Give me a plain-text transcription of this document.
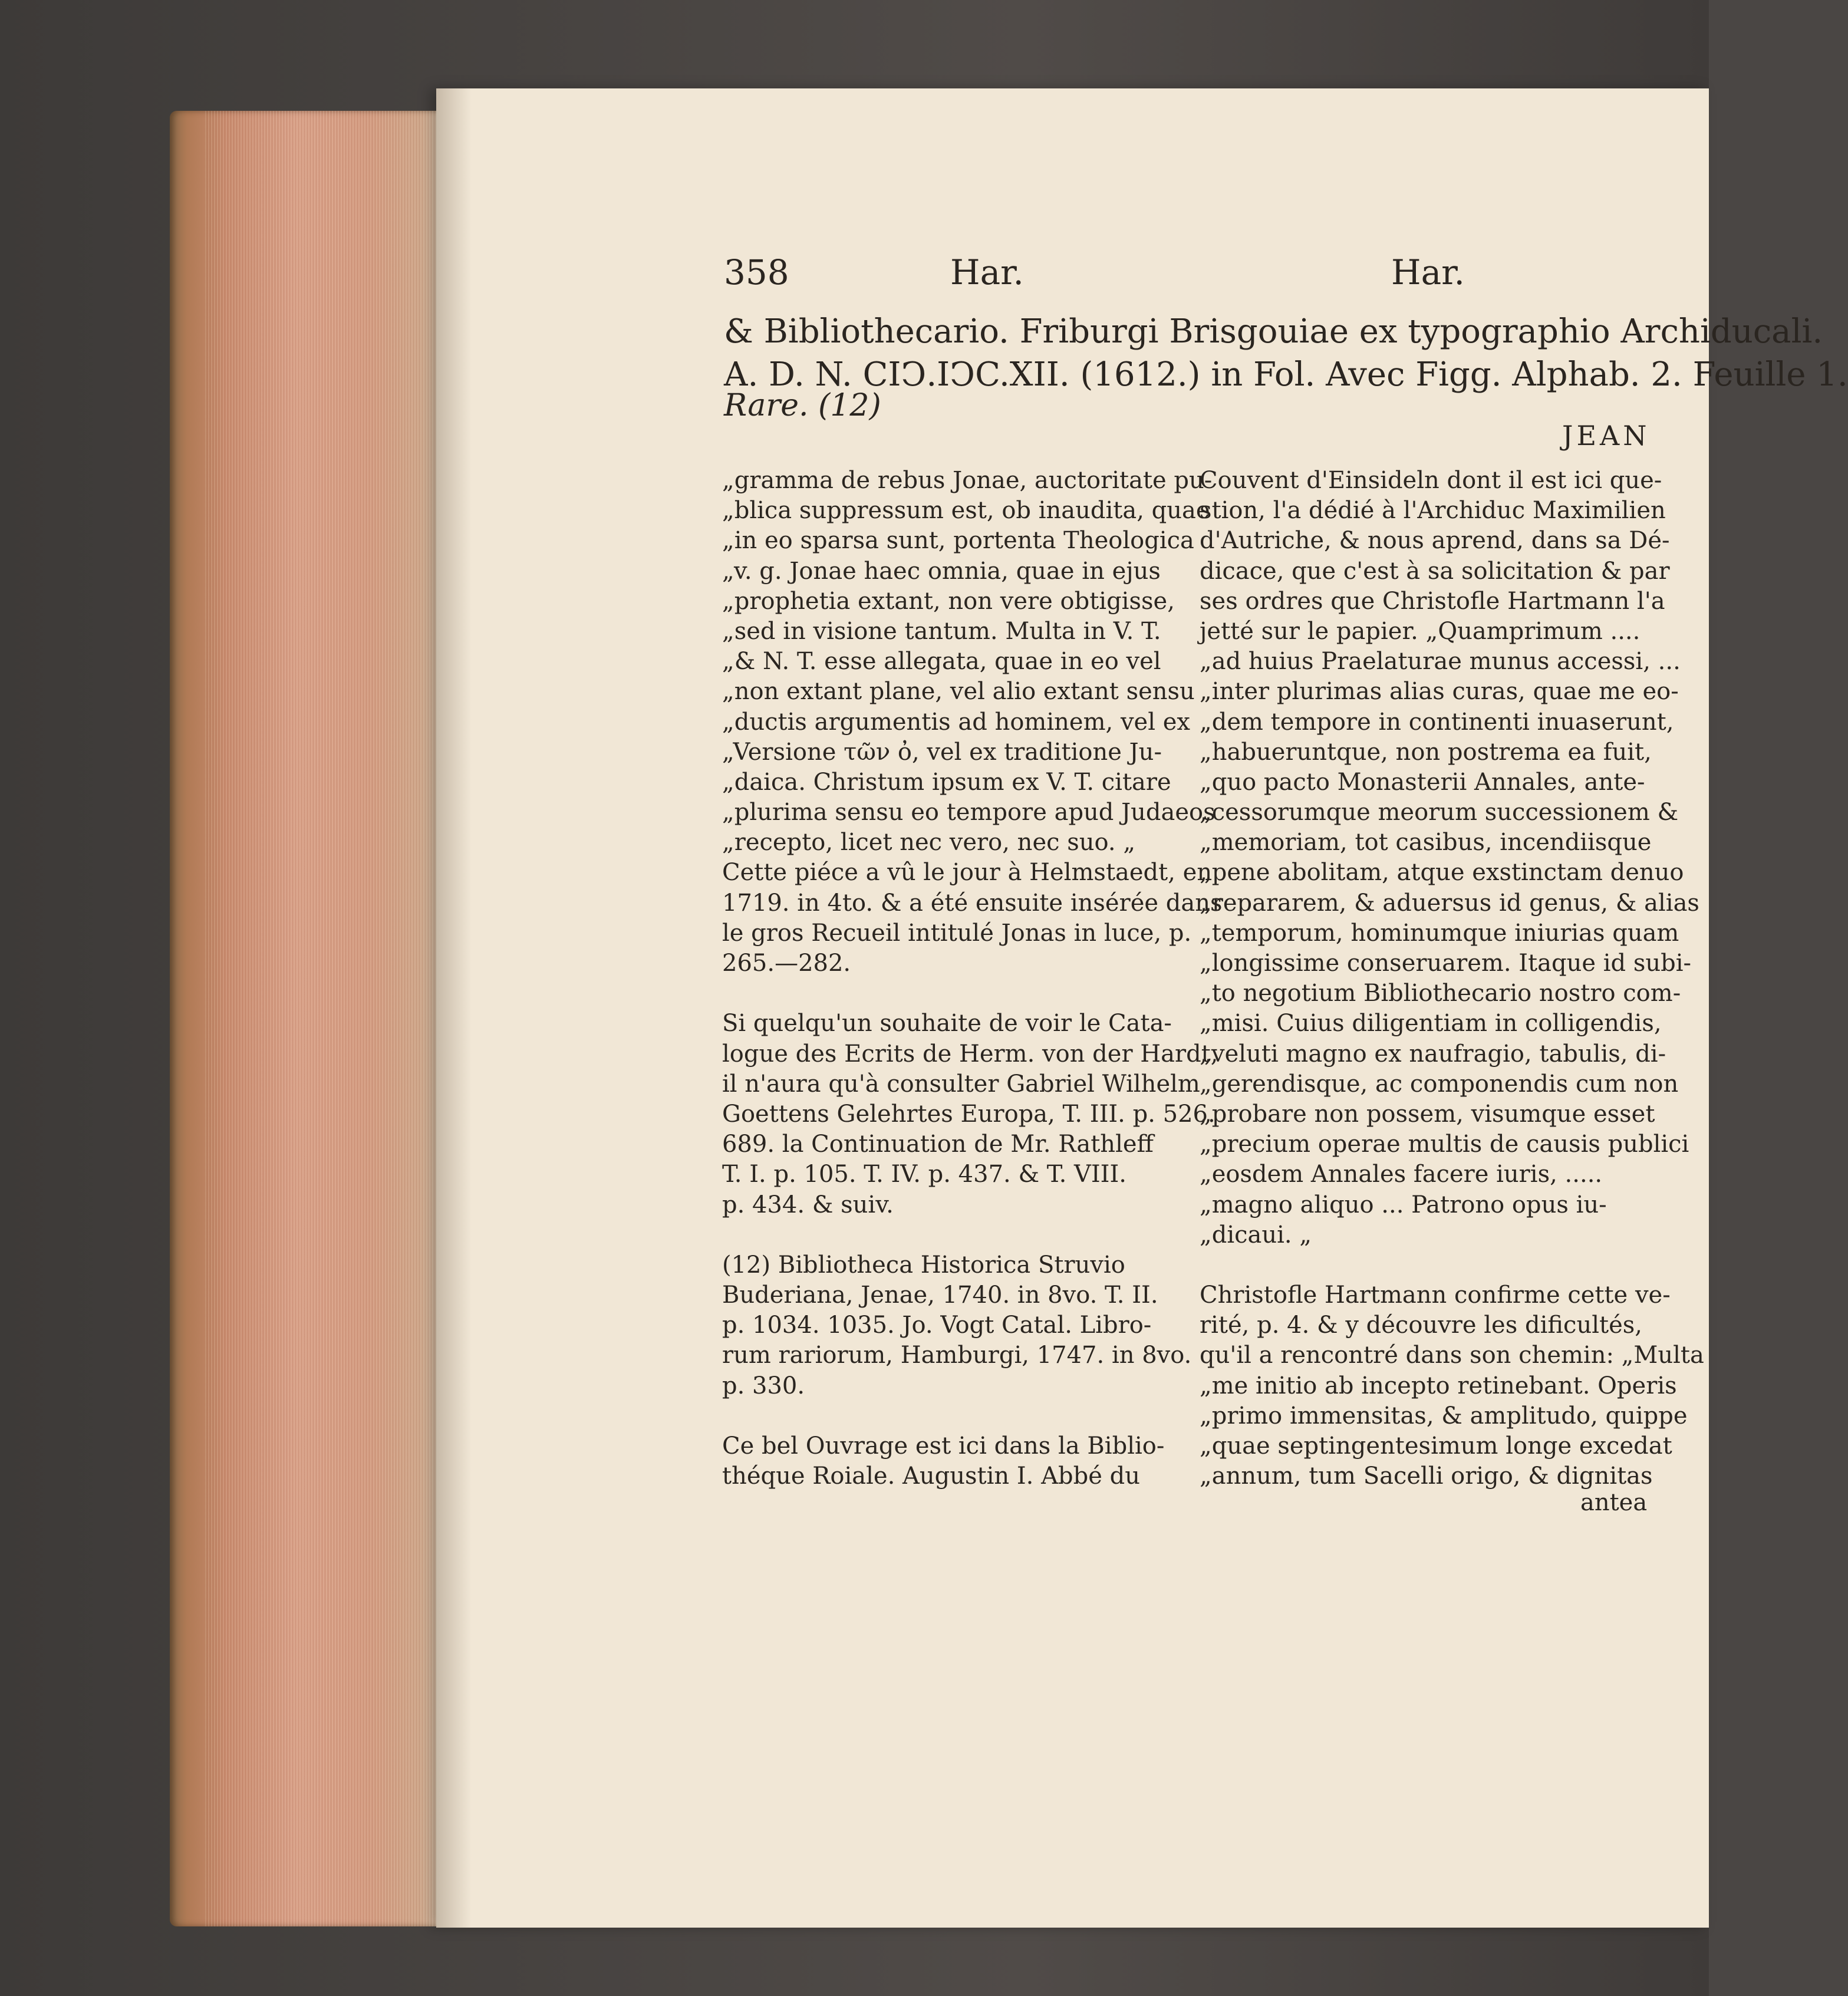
358	Har.	Har.
& Bibliothecario. Friburgi Brisgouiae ex typographio Archiducali.
A. D. N. CIↃ.IↃC.XII. (1612.) in Fol. Avec Figg. Alphab. 2. Feuille 1.
Rare. (12)
JEAN
„gramma de rebus Jonae, auctoritate pu-
„blica suppressum est, ob inaudita, quae
„in eo sparsa sunt, portenta Theologica
„v. g. Jonae haec omnia, quae in ejus
„prophetia extant, non vere obtigisse,
„sed in visione tantum. Multa in V. T.
„& N. T. esse allegata, quae in eo vel
„non extant plane, vel alio extant sensu
„ductis argumentis ad hominem, vel ex
„Versione τῶν ὀ, vel ex traditione Ju-
„daica. Christum ipsum ex V. T. citare
„plurima sensu eo tempore apud Judaeos
„recepto, licet nec vero, nec suo. „
Cette piéce a vû le jour à Helmstaedt, en
1719. in 4to. & a été ensuite insérée dans
le gros Recueil intitulé Jonas in luce, p.
265.—282.
Si quelqu'un souhaite de voir le Cata-
logue des Ecrits de Herm. von der Hardt,
il n'aura qu'à consulter Gabriel Wilhelm
Goettens Gelehrtes Europa, T. III. p. 526.
689. la Continuation de Mr. Rathleff
T. I. p. 105. T. IV. p. 437. & T. VIII.
p. 434. & suiv.
(12) Bibliotheca Historica Struvio
Buderiana, Jenae, 1740. in 8vo. T. II.
p. 1034. 1035. Jo. Vogt Catal. Libro-
rum rariorum, Hamburgi, 1747. in 8vo.
p. 330.
Ce bel Ouvrage est ici dans la Biblio-
théque Roiale. Augustin I. Abbé du
Couvent d'Einsideln dont il est ici que-
stion, l'a dédié à l'Archiduc Maximilien
d'Autriche, & nous aprend, dans sa Dé-
dicace, que c'est à sa solicitation & par
ses ordres que Christofle Hartmann l'a
jetté sur le papier. „Quamprimum ....
„ad huius Praelaturae munus accessi, ...
„inter plurimas alias curas, quae me eo-
„dem tempore in continenti inuaserunt,
„habueruntque, non postrema ea fuit,
„quo pacto Monasterii Annales, ante-
„cessorumque meorum successionem &
„memoriam, tot casibus, incendiisque
„pene abolitam, atque exstinctam denuo
„repararem, & aduersus id genus, & alias
„temporum, hominumque iniurias quam
„longissime conseruarem. Itaque id subi-
„to negotium Bibliothecario nostro com-
„misi. Cuius diligentiam in colligendis,
„veluti magno ex naufragio, tabulis, di-
„gerendisque, ac componendis cum non
„probare non possem, visumque esset
„precium operae multis de causis publici
„eosdem Annales facere iuris, .....
„magno aliquo ... Patrono opus iu-
„dicaui. „
Christofle Hartmann confirme cette ve-
rité, p. 4. & y découvre les dificultés,
qu'il a rencontré dans son chemin: „Multa
„me initio ab incepto retinebant. Operis
„primo immensitas, & amplitudo, quippe
„quae septingentesimum longe excedat
„annum, tum Sacelli origo, & dignitas
antea
